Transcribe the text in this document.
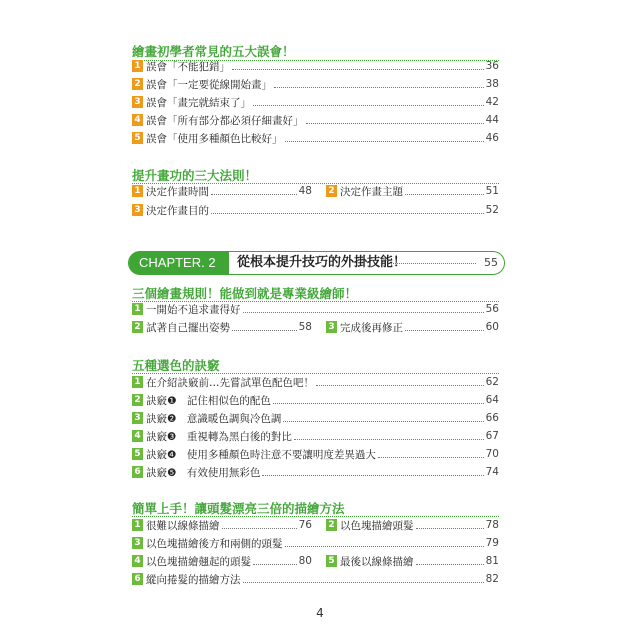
繪畫初學者常見的五大誤會！
1 誤會「不能犯錯」	36
2 誤會「一定要從線開始畫」	38
3 誤會「畫完就結束了」	42
4 誤會「所有部分都必須仔細畫好」	44
5 誤會「使用多種顏色比較好」	46
提升畫功的三大法則！
1 決定作畫時間	48 2 決定作畫主題	51
3 決定作畫目的	52
CHAPTER. 2	從根本提升技巧的外掛技能！	55
三個繪畫規則！能做到就是專業級繪師！
1 一開始不追求畫得好	56
2 試著自己擺出姿勢	58 3 完成後再修正	60
五種選色的訣竅
1 在介紹訣竅前…先嘗試單色配色吧！	62
2 訣竅❶　記住相似色的配色	64
3 訣竅❷　意識暖色調與冷色調	66
4 訣竅❸　重視轉為黑白後的對比	67
5 訣竅❹　使用多種顏色時注意不要讓明度差異過大	70
6 訣竅❺　有效使用無彩色	74
簡單上手！讓頭髮漂亮三倍的描繪方法
1 很難以線條描繪	76 2 以色塊描繪頭髮	78
3 以色塊描繪後方和兩側的頭髮	79
4 以色塊描繪翹起的頭髮	80 5 最後以線條描繪	81
6 縱向捲髮的描繪方法	82
4
